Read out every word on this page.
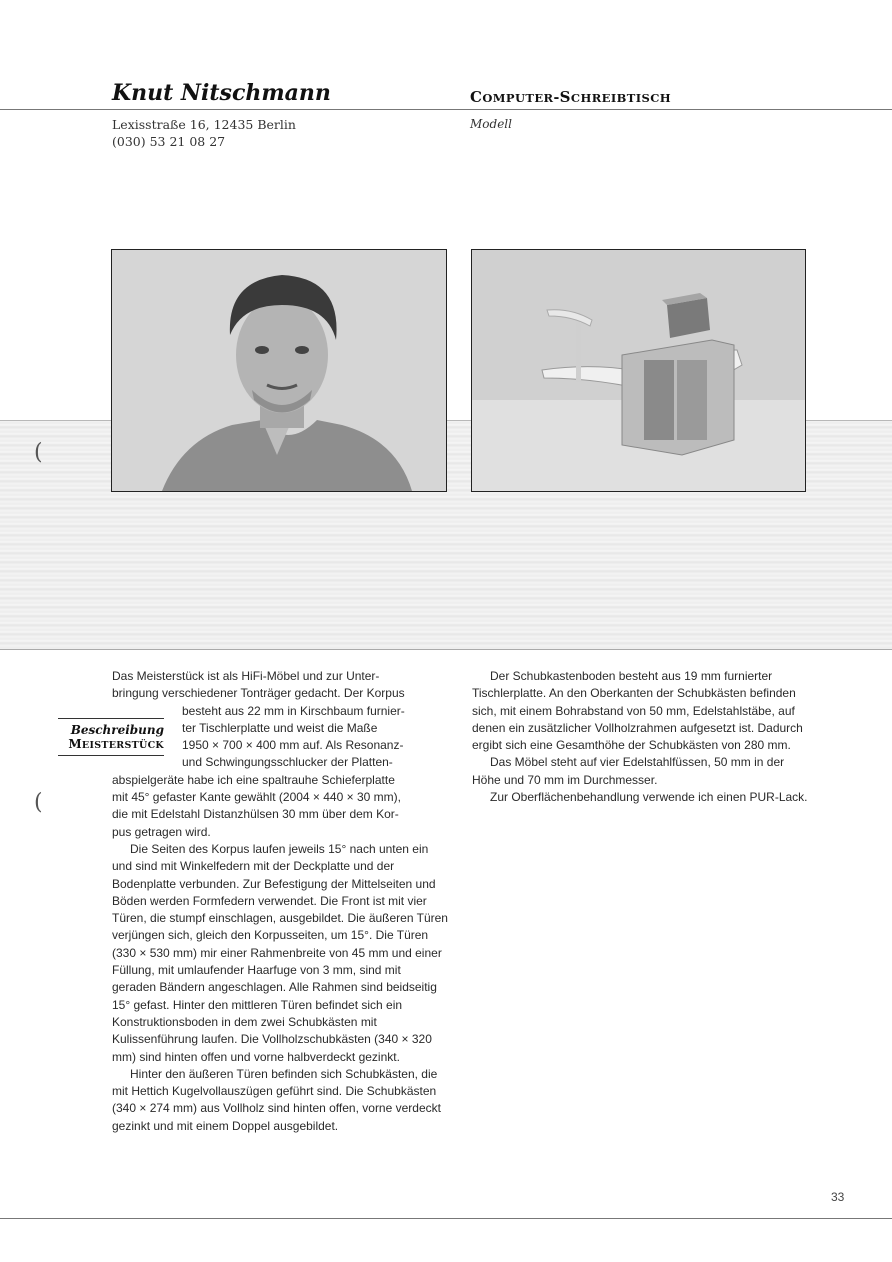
Knut Nitschmann	COMPUTER-SCHREIBTISCH
Lexisstraße 16, 12435 Berlin
(030) 53 21 08 27
Modell
(
(
Beschreibung
MEISTERSTÜCK

Das Meisterstück ist als HiFi-Möbel und zur Unter-
bringung verschiedener Tonträger gedacht. Der Korpus
besteht aus 22 mm in Kirschbaum furnier-
ter Tischlerplatte und weist die Maße
1950 × 700 × 400 mm auf. Als Resonanz-
und Schwingungsschlucker der Platten-
abspielgeräte habe ich eine spaltrauhe Schieferplatte
mit 45° gefaster Kante gewählt (2004 × 440 × 30 mm),
die mit Edelstahl Distanzhülsen 30 mm über dem Kor-
pus getragen wird.

Die Seiten des Korpus laufen jeweils 15° nach unten ein und sind mit Winkelfedern mit der Deckplatte und der Bodenplatte verbunden. Zur Befestigung der Mittelseiten und Böden werden Formfedern verwendet. Die Front ist mit vier Türen, die stumpf einschlagen, ausgebildet. Die äußeren Türen verjüngen sich, gleich den Korpusseiten, um 15°. Die Türen (330 × 530 mm) mir einer Rahmenbreite von 45 mm und einer Füllung, mit umlaufender Haarfuge von 3 mm, sind mit geraden Bändern angeschlagen. Alle Rahmen sind beidseitig 15° gefast. Hinter den mittleren Türen befindet sich ein Konstruktionsboden in dem zwei Schubkästen mit Kulissenführung laufen. Die Vollholzschubkästen (340 × 320 mm) sind hinten offen und vorne halbverdeckt gezinkt.

Hinter den äußeren Türen befinden sich Schubkästen, die mit Hettich Kugelvollauszügen geführt sind. Die Schubkästen (340 × 274 mm) aus Vollholz sind hinten offen, vorne verdeckt gezinkt und mit einem Doppel ausgebildet.

Der Schubkastenboden besteht aus 19 mm furnierter Tischlerplatte. An den Oberkanten der Schubkästen befinden sich, mit einem Bohrabstand von 50 mm, Edelstahlstäbe, auf denen ein zusätzlicher Vollholzrahmen aufgesetzt ist. Dadurch ergibt sich eine Gesamthöhe der Schubkästen von 280 mm.

Das Möbel steht auf vier Edelstahlfüssen, 50 mm in der Höhe und 70 mm im Durchmesser.

Zur Oberflächenbehandlung verwende ich einen PUR-Lack.

33
